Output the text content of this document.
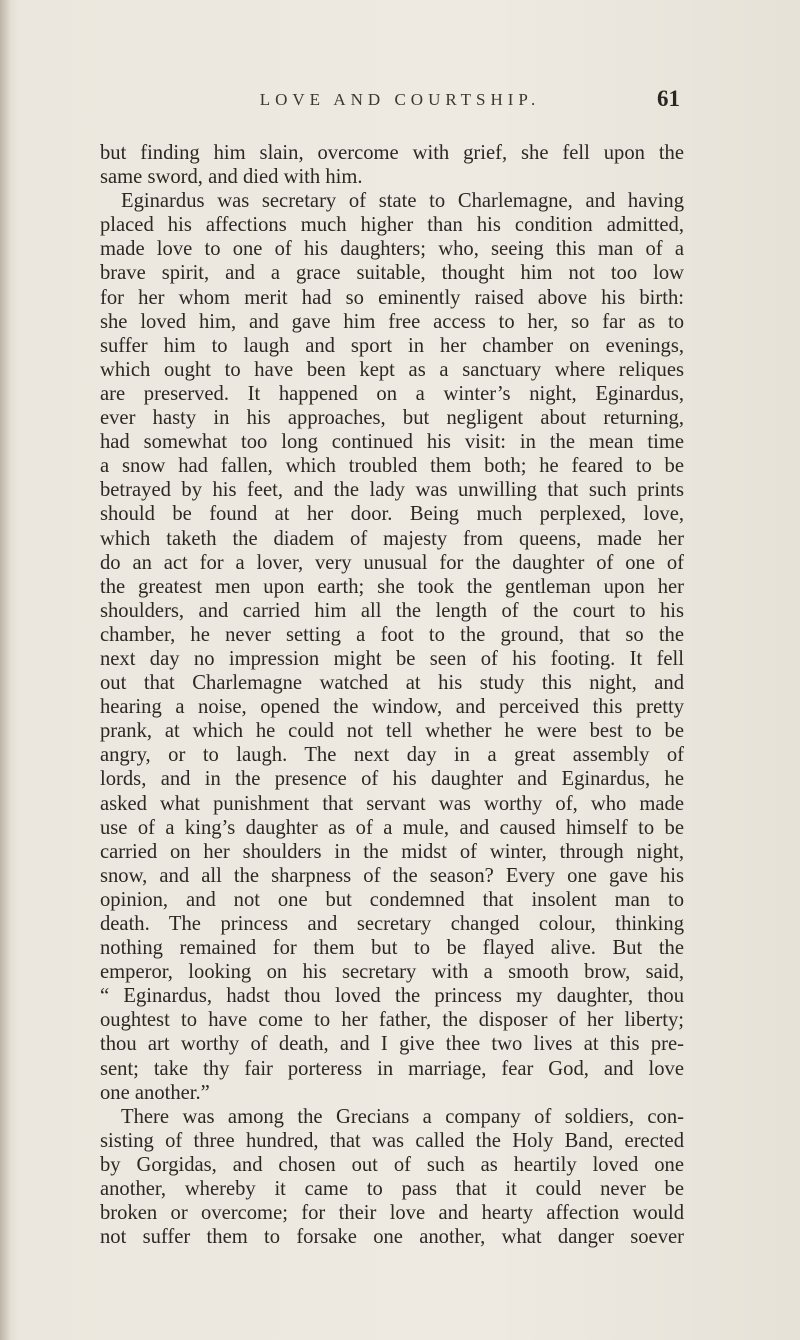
LOVE AND COURTSHIP.	61
but finding him slain, overcome with grief, she fell upon the
same sword, and died with him.
Eginardus was secretary of state to Charlemagne, and having
placed his affections much higher than his condition admitted,
made love to one of his daughters; who, seeing this man of a
brave spirit, and a grace suitable, thought him not too low
for her whom merit had so eminently raised above his birth:
she loved him, and gave him free access to her, so far as to
suffer him to laugh and sport in her chamber on evenings,
which ought to have been kept as a sanctuary where reliques
are preserved. It happened on a winter’s night, Eginardus,
ever hasty in his approaches, but negligent about returning,
had somewhat too long continued his visit: in the mean time
a snow had fallen, which troubled them both; he feared to be
betrayed by his feet, and the lady was unwilling that such prints
should be found at her door. Being much perplexed, love,
which taketh the diadem of majesty from queens, made her
do an act for a lover, very unusual for the daughter of one of
the greatest men upon earth; she took the gentleman upon her
shoulders, and carried him all the length of the court to his
chamber, he never setting a foot to the ground, that so the
next day no impression might be seen of his footing. It fell
out that Charlemagne watched at his study this night, and
hearing a noise, opened the window, and perceived this pretty
prank, at which he could not tell whether he were best to be
angry, or to laugh. The next day in a great assembly of
lords, and in the presence of his daughter and Eginardus, he
asked what punishment that servant was worthy of, who made
use of a king’s daughter as of a mule, and caused himself to be
carried on her shoulders in the midst of winter, through night,
snow, and all the sharpness of the season? Every one gave his
opinion, and not one but condemned that insolent man to
death. The princess and secretary changed colour, thinking
nothing remained for them but to be flayed alive. But the
emperor, looking on his secretary with a smooth brow, said,
“ Eginardus, hadst thou loved the princess my daughter, thou
oughtest to have come to her father, the disposer of her liberty;
thou art worthy of death, and I give thee two lives at this pre-
sent; take thy fair porteress in marriage, fear God, and love
one another.”
There was among the Grecians a company of soldiers, con-
sisting of three hundred, that was called the Holy Band, erected
by Gorgidas, and chosen out of such as heartily loved one
another, whereby it came to pass that it could never be
broken or overcome; for their love and hearty affection would
not suffer them to forsake one another, what danger soever
